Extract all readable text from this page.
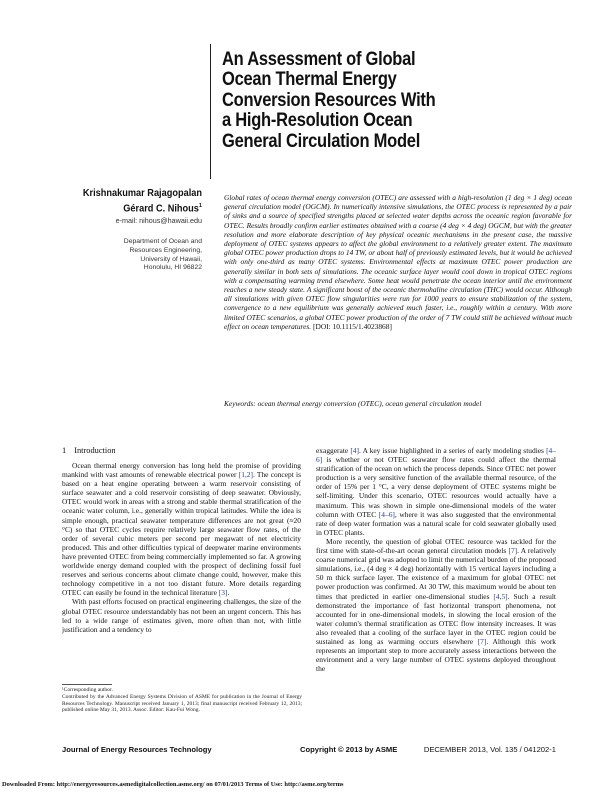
An Assessment of Global
Ocean Thermal Energy
Conversion Resources With
a High-Resolution Ocean
General Circulation Model
Krishnakumar Rajagopalan
Gérard C. Nihous$^1$
e-mail: nihous@hawaii.edu
Department of Ocean and
Resources Engineering,
University of Hawaii,
Honolulu, HI 96822

Global rates of ocean thermal energy conversion (OTEC) are assessed with a high-resolution (1 deg × 1 deg) ocean general circulation model (OGCM). In numerically intensive simulations, the OTEC process is represented by a pair of sinks and a source of specified strengths placed at selected water depths across the oceanic region favorable for OTEC. Results broadly confirm earlier estimates obtained with a coarse (4 deg × 4 deg) OGCM, but with the greater resolution and more elaborate description of key physical oceanic mechanisms in the present case, the massive deployment of OTEC systems appears to affect the global environment to a relatively greater extent. The maximum global OTEC power production drops to 14 TW, or about half of previously estimated levels, but it would be achieved with only one-third as many OTEC systems. Environmental effects at maximum OTEC power production are generally similar in both sets of simulations. The oceanic surface layer would cool down in tropical OTEC regions with a compensating warming trend elsewhere. Some heat would penetrate the ocean interior until the environment reaches a new steady state. A significant boost of the oceanic thermohaline circulation (THC) would occur. Although all simulations with given OTEC flow singularities were run for 1000 years to ensure stabilization of the system, convergence to a new equilibrium was generally achieved much faster, i.e., roughly within a century. With more limited OTEC scenarios, a global OTEC power production of the order of 7 TW could still be achieved without much effect on ocean temperatures. [DOI: 10.1115/1.4023868]

Keywords: ocean thermal energy conversion (OTEC), ocean general circulation model

1 Introduction

Ocean thermal energy conversion has long held the promise of providing mankind with vast amounts of renewable electrical power [1,2]. The concept is based on a heat engine operating between a warm reservoir consisting of surface seawater and a cold reservoir consisting of deep seawater. Obviously, OTEC would work in areas with a strong and stable thermal stratification of the oceanic water column, i.e., generally within tropical latitudes. While the idea is simple enough, practical seawater temperature differences are not great (≈20 °C) so that OTEC cycles require relatively large seawater flow rates, of the order of several cubic meters per second per megawatt of net electricity produced. This and other difficulties typical of deepwater marine environments have prevented OTEC from being commercially implemented so far. A growing worldwide energy demand coupled with the prospect of declining fossil fuel reserves and serious concerns about climate change could, however, make this technology competitive in a not too distant future. More details regarding OTEC can easily be found in the technical literature [3].

With past efforts focused on practical engineering challenges, the size of the global OTEC resource understandably has not been an urgent concern. This has led to a wide range of estimates given, more often than not, with little justification and a tendency to

¹Corresponding author.
Contributed by the Advanced Energy Systems Division of ASME for publication in the Journal of Energy Resources Technology. Manuscript received January 1, 2013; final manuscript received February 12, 2013; published online May 31, 2013. Assoc. Editor: Kau-Fui Wong.

exaggerate [4]. A key issue highlighted in a series of early modeling studies [4–6] is whether or not OTEC seawater flow rates could affect the thermal stratification of the ocean on which the process depends. Since OTEC net power production is a very sensitive function of the available thermal resource, of the order of 15% per 1 °C, a very dense deployment of OTEC systems might be self-limiting. Under this scenario, OTEC resources would actually have a maximum. This was shown in simple one-dimensional models of the water column with OTEC [4–6], where it was also suggested that the environmental rate of deep water formation was a natural scale for cold seawater globally used in OTEC plants.

More recently, the question of global OTEC resource was tackled for the first time with state-of-the-art ocean general circulation models [7]. A relatively coarse numerical grid was adopted to limit the numerical burden of the proposed simulations, i.e., (4 deg × 4 deg) horizontally with 15 vertical layers including a 50 m thick surface layer. The existence of a maximum for global OTEC net power production was confirmed. At 30 TW, this maximum would be about ten times that predicted in earlier one-dimensional studies [4,5]. Such a result demonstrated the importance of fast horizontal transport phenomena, not accounted for in one-dimensional models, in slowing the local erosion of the water column's thermal stratification as OTEC flow intensity increases. It was also revealed that a cooling of the surface layer in the OTEC region could be sustained as long as warming occurs elsewhere [7]. Although this work represents an important step to more accurately assess interactions between the environment and a very large number of OTEC systems deployed throughout the

Journal of Energy Resources Technology	Copyright © 2013 by ASME	DECEMBER 2013, Vol. 135 / 041202-1
Downloaded From: http://energyresources.asmedigitalcollection.asme.org/ on 07/01/2013 Terms of Use: http://asme.org/terms
